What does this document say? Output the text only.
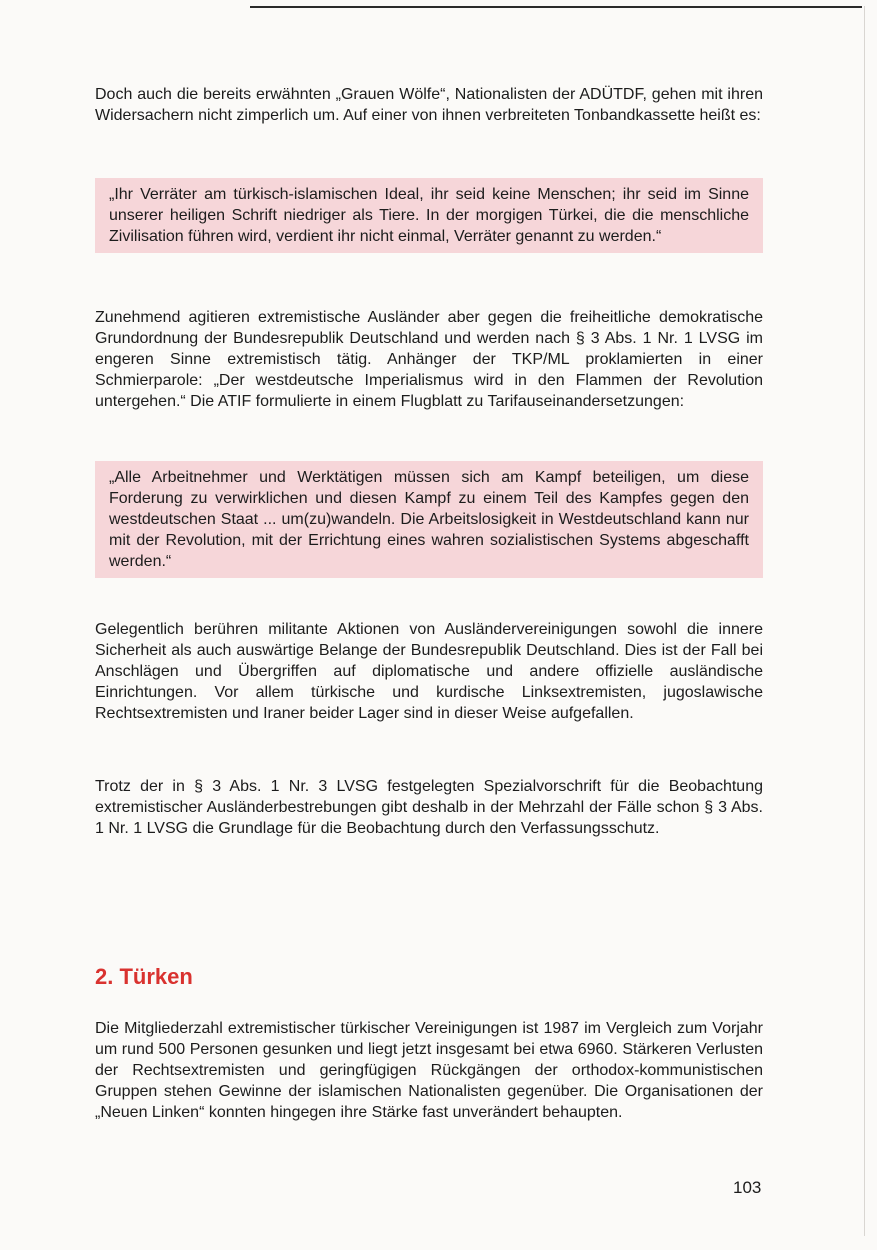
Doch auch die bereits erwähnten „Grauen Wölfe“, Nationalisten der ADÜTDF, gehen mit ihren Widersachern nicht zimperlich um. Auf einer von ihnen verbreiteten Tonbandkassette heißt es:

„Ihr Verräter am türkisch-islamischen Ideal, ihr seid keine Menschen; ihr seid im Sinne unserer heiligen Schrift niedriger als Tiere. In der morgigen Türkei, die die menschliche Zivilisation führen wird, verdient ihr nicht einmal, Verräter genannt zu werden.“

Zunehmend agitieren extremistische Ausländer aber gegen die freiheitliche demokratische Grundordnung der Bundesrepublik Deutschland und werden nach § 3 Abs. 1 Nr. 1 LVSG im engeren Sinne extremistisch tätig. Anhänger der TKP/ML proklamierten in einer Schmierparole: „Der westdeutsche Imperialismus wird in den Flammen der Revolution untergehen.“ Die ATIF formulierte in einem Flugblatt zu Tarifauseinandersetzungen:

„Alle Arbeitnehmer und Werktätigen müssen sich am Kampf beteiligen, um diese Forderung zu verwirklichen und diesen Kampf zu einem Teil des Kampfes gegen den westdeutschen Staat ... um(zu)wandeln. Die Arbeitslosigkeit in Westdeutschland kann nur mit der Revolution, mit der Errichtung eines wahren sozialistischen Systems abgeschafft werden.“

Gelegentlich berühren militante Aktionen von Ausländervereinigungen sowohl die innere Sicherheit als auch auswärtige Belange der Bundesrepublik Deutschland. Dies ist der Fall bei Anschlägen und Übergriffen auf diplomatische und andere offizielle ausländische Einrichtungen. Vor allem türkische und kurdische Linksextremisten, jugoslawische Rechtsextremisten und Iraner beider Lager sind in dieser Weise aufgefallen.

Trotz der in § 3 Abs. 1 Nr. 3 LVSG festgelegten Spezialvorschrift für die Beobachtung extremistischer Ausländerbestrebungen gibt deshalb in der Mehrzahl der Fälle schon § 3 Abs. 1 Nr. 1 LVSG die Grundlage für die Beobachtung durch den Verfassungsschutz.

2. Türken

Die Mitgliederzahl extremistischer türkischer Vereinigungen ist 1987 im Vergleich zum Vorjahr um rund 500 Personen gesunken und liegt jetzt insgesamt bei etwa 6960. Stärkeren Verlusten der Rechtsextremisten und geringfügigen Rückgängen der orthodox-kommunistischen Gruppen stehen Gewinne der islamischen Nationalisten gegenüber. Die Organisationen der „Neuen Linken“ konnten hingegen ihre Stärke fast unverändert behaupten.

103
